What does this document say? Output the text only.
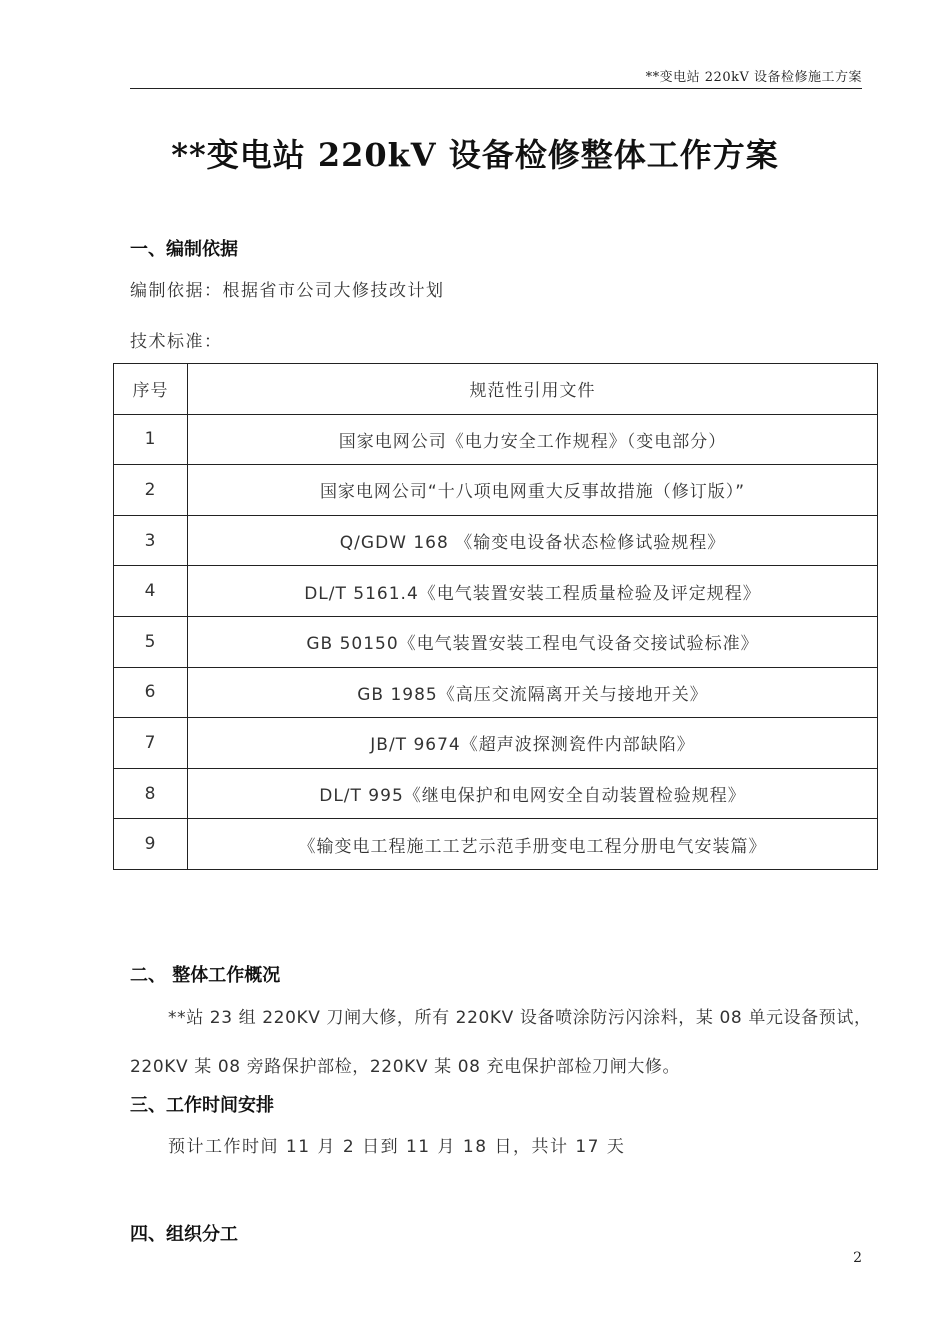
**变电站 220kV 设备检修施工方案
**变电站 220kV 设备检修整体工作方案
一、编制依据
编制依据：根据省市公司大修技改计划
技术标准：
序号	规范性引用文件
1	国家电网公司《电力安全工作规程》（变电部分）
2	国家电网公司“十八项电网重大反事故措施（修订版）”
3	Q/GDW 168 《输变电设备状态检修试验规程》
4	DL/T 5161.4《电气装置安装工程质量检验及评定规程》
5	GB 50150《电气装置安装工程电气设备交接试验标准》
6	GB 1985《高压交流隔离开关与接地开关》
7	JB/T 9674《超声波探测瓷件内部缺陷》
8	DL/T 995《继电保护和电网安全自动装置检验规程》
9	《输变电工程施工工艺示范手册变电工程分册电气安装篇》
二、 整体工作概况
**站 23 组 220KV 刀闸大修，所有 220KV 设备喷涂防污闪涂料，某 08 单元设备预试，
220KV 某 08 旁路保护部检，220KV 某 08 充电保护部检刀闸大修。
三、工作时间安排
预计工作时间 11 月 2 日到 11 月 18 日，共计 17 天
四、组织分工
2
